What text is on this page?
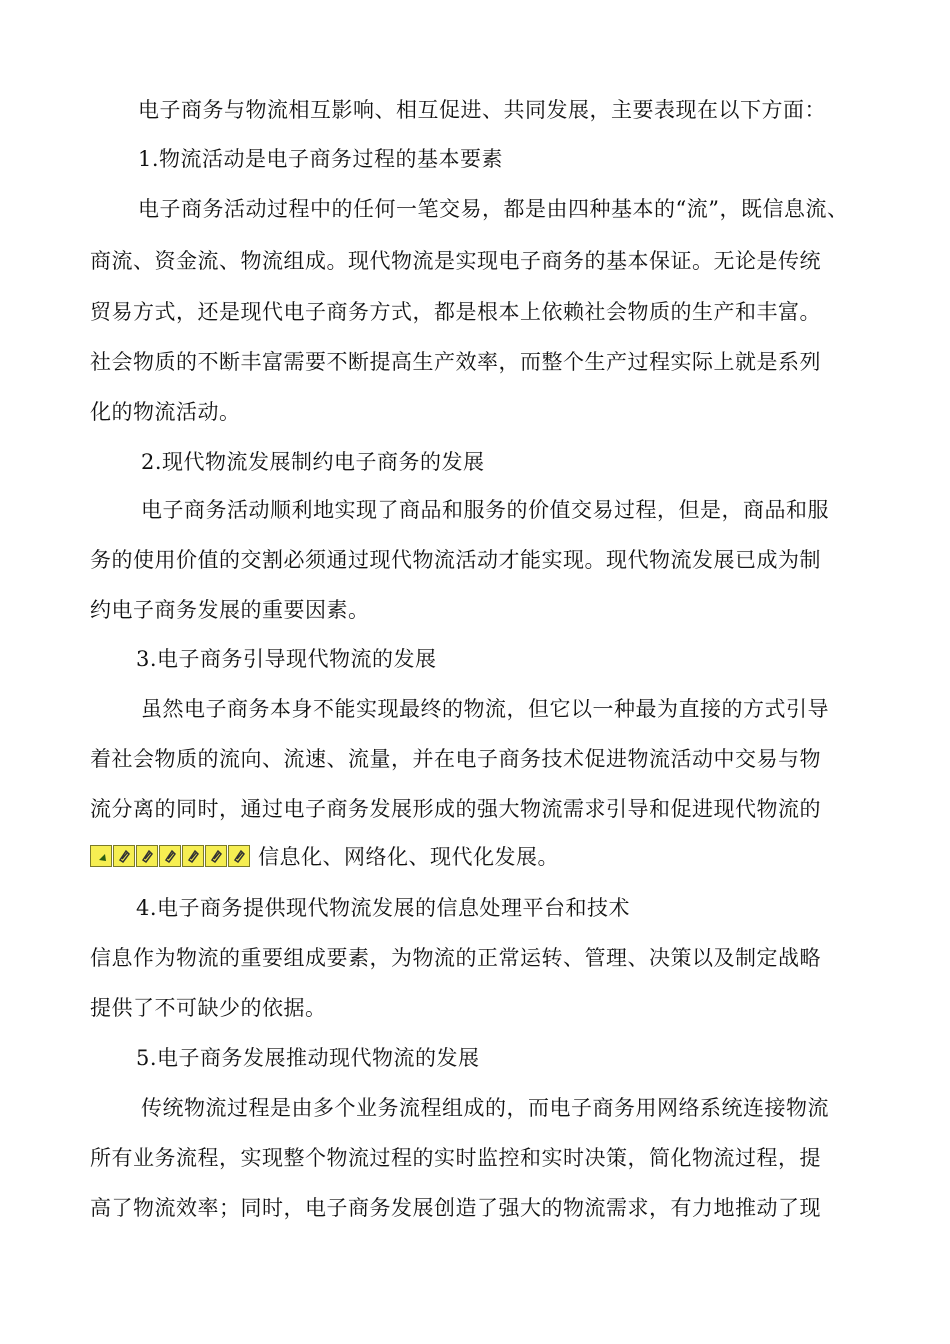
电子商务与物流相互影响、相互促进、共同发展，主要表现在以下方面：
1.物流活动是电子商务过程的基本要素
电子商务活动过程中的任何一笔交易，都是由四种基本的“流”，既信息流、
商流、资金流、物流组成。现代物流是实现电子商务的基本保证。无论是传统
贸易方式，还是现代电子商务方式，都是根本上依赖社会物质的生产和丰富。
社会物质的不断丰富需要不断提高生产效率，而整个生产过程实际上就是系列
化的物流活动。
2.现代物流发展制约电子商务的发展
电子商务活动顺利地实现了商品和服务的价值交易过程，但是，商品和服
务的使用价值的交割必须通过现代物流活动才能实现。现代物流发展已成为制
约电子商务发展的重要因素。
3.电子商务引导现代物流的发展
虽然电子商务本身不能实现最终的物流，但它以一种最为直接的方式引导
着社会物质的流向、流速、流量，并在电子商务技术促进物流活动中交易与物
流分离的同时，通过电子商务发展形成的强大物流需求引导和促进现代物流的
信息化、网络化、现代化发展。
4.电子商务提供现代物流发展的信息处理平台和技术
信息作为物流的重要组成要素，为物流的正常运转、管理、决策以及制定战略
提供了不可缺少的依据。
5.电子商务发展推动现代物流的发展
传统物流过程是由多个业务流程组成的，而电子商务用网络系统连接物流
所有业务流程，实现整个物流过程的实时监控和实时决策，简化物流过程，提
高了物流效率；同时，电子商务发展创造了强大的物流需求，有力地推动了现
